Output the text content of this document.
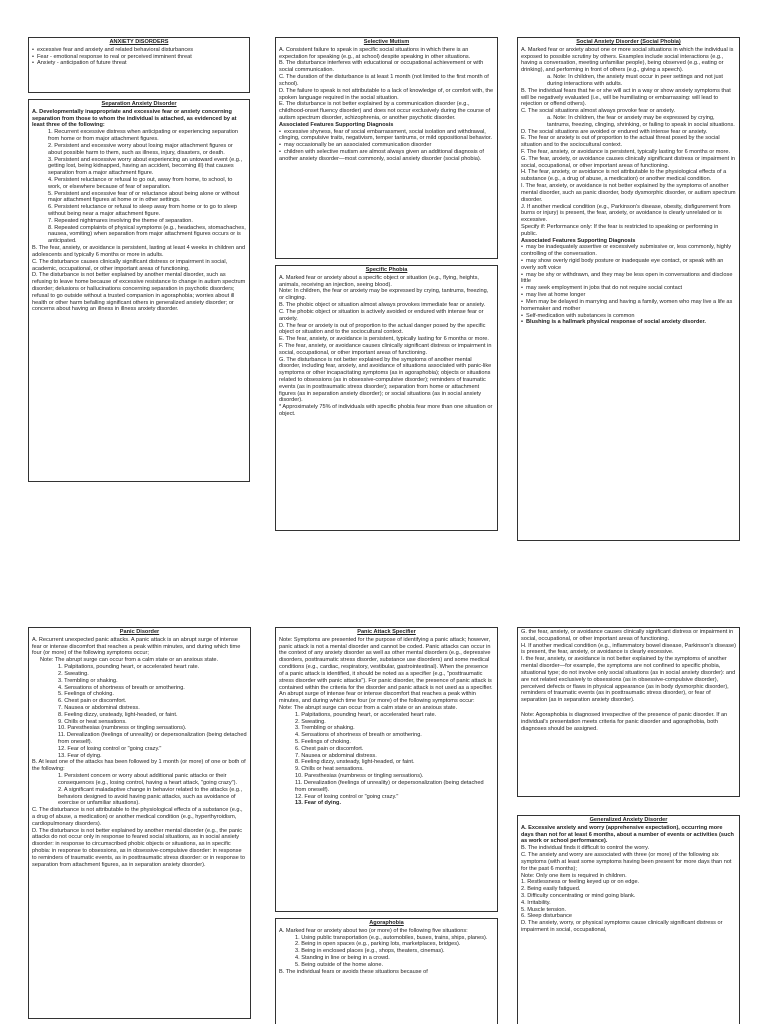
ANXIETY DISORDERS
• excessive fear and anxiety and related behavioral disturbances
• Fear - emotional response to real or perceived imminent threat
• Anxiety - anticipation of future threat
Separation Anxiety Disorder
A. Developmentally inappropriate and excessive fear or anxiety concerning separation from those to whom the individual is attached, as evidenced by at least three of the following:
1. Recurrent excessive distress when anticipating or experiencing separation from home or from major attachment figures.
2. Persistent and excessive worry about losing major attachment figures or about possible harm to them, such as illness, injury, disasters, or death.
3. Persistent and excessive worry about experiencing an untoward event (e.g., getting lost, being kidnapped, having an accident, becoming ill) that causes separation from a major attachment figure.
4. Persistent reluctance or refusal to go out, away from home, to school, to work, or elsewhere because of fear of separation.
5. Persistent and excessive fear of or reluctance about being alone or without major attachment figures at home or in other settings.
6. Persistent reluctance or refusal to sleep away from home or to go to sleep without being near a major attachment figure.
7. Repeated nightmares involving the theme of separation.
8. Repeated complaints of physical symptoms (e.g., headaches, stomachaches, nausea, vomiting) when separation from major attachment figures occurs or is anticipated.
B. The fear, anxiety, or avoidance is persistent, lasting at least 4 weeks in children and adolescents and typically 6 months or more in adults.
C. The disturbance causes clinically significant distress or impairment in social, academic, occupational, or other important areas of functioning.
D. The disturbance is not better explained by another mental disorder, such as refusing to leave home because of excessive resistance to change in autism spectrum disorder; delusions or hallucinations concerning separation in psychotic disorders; refusal to go outside without a trusted companion in agoraphobia; worries about ill health or other harm befalling significant others in generalized anxiety disorder; or concerns about having an illness in illness anxiety disorder.
Selective Mutism
A. Consistent failure to speak in specific social situations in which there is an expectation for speaking (e.g., at school) despite speaking in other situations.
B. The disturbance interferes with educational or occupational achievement or with social communication.
C. The duration of the disturbance is at least 1 month (not limited to the first month of school).
D. The failure to speak is not attributable to a lack of knowledge of, or comfort with, the spoken language required in the social situation.
E. The disturbance is not better explained by a communication disorder (e.g., childhood-onset fluency disorder) and does not occur exclusively during the course of autism spectrum disorder, schizophrenia, or another psychotic disorder.
Associated Features Supporting Diagnosis
• excessive shyness, fear of social embarrassment, social isolation and withdrawal, clinging, compulsive traits, negativism, temper tantrums, or mild oppositional behavior.
• may occasionally be an associated communication disorder
• children with selective mutism are almost always given an additional diagnosis of another anxiety disorder—most commonly, social anxiety disorder (social phobia).
Specific Phobia
A. Marked fear or anxiety about a specific object or situation (e.g., flying, heights, animals, receiving an injection, seeing blood).
Note: In children, the fear or anxiety may be expressed by crying, tantrums, freezing, or clinging.
B. The phobic object or situation almost always provokes immediate fear or anxiety.
C. The phobic object or situation is actively avoided or endured with intense fear or anxiety.
D. The fear or anxiety is out of proportion to the actual danger posed by the specific object or situation and to the sociocultural context.
E. The fear, anxiety, or avoidance is persistent, typically lasting for 6 months or more.
F. The fear, anxiety, or avoidance causes clinically significant distress or impairment in social, occupational, or other important areas of functioning.
G. The disturbance is not better explained by the symptoms of another mental disorder, including fear, anxiety, and avoidance of situations associated with panic-like symptoms or other incapacitating symptoms (as in agoraphobia); objects or situations related to obsessions (as in obsessive-compulsive disorder); reminders of traumatic events (as in posttraumatic stress disorder); separation from home or attachment figures (as in separation anxiety disorder); or social situations (as in social anxiety disorder).
* Approximately 75% of individuals with specific phobia fear more than one situation or object.
Social Anxiety Disorder (Social Phobia)
A. Marked fear or anxiety about one or more social situations in which the individual is exposed to possible scrutiny by others. Examples include social interactions (e.g., having a conversation, meeting unfamiliar people), being observed (e.g., eating or drinking), and performing in front of others (e.g., giving a speech).
a. Note: In children, the anxiety must occur in peer settings and not just during interactions with adults.
B. The individual fears that he or she will act in a way or show anxiety symptoms that will be negatively evaluated (i.e., will be humiliating or embarrassing: will lead to rejection or offend others).
C. The social situations almost always provoke fear or anxiety.
a. Note: In children, the fear or anxiety may be expressed by crying, tantrums, freezing, clinging, shrinking, or failing to speak in social situations.
D. The social situations are avoided or endured with intense fear or anxiety.
E. The fear or anxiety is out of proportion to the actual threat posed by the social situation and to the sociocultural context.
F. The fear, anxiety, or avoidance is persistent, typically lasting for 6 months or more.
G. The fear, anxiety, or avoidance causes clinically significant distress or impairment in social, occupational, or other important areas of functioning.
H. The fear, anxiety, or avoidance is not attributable to the physiological effects of a substance (e.g., a drug of abuse, a medication) or another medical condition.
I. The fear, anxiety, or avoidance is not better explained by the symptoms of another mental disorder, such as panic disorder, body dysmorphic disorder, or autism spectrum disorder.
J. If another medical condition (e.g., Parkinson's disease, obesity, disfigurement from burns or injury) is present, the fear, anxiety, or avoidance is clearly unrelated or is excessive.
Specify if: Performance only: If the fear is restricted to speaking or performing in public.
Associated Features Supporting Diagnosis
• may be inadequately assertive or excessively submissive or, less commonly, highly controlling of the conversation.
• may show overly rigid body posture or inadequate eye contact, or speak with an overly soft voice
• may be shy or withdrawn, and they may be less open in conversations and disclose little
• may seek employment in jobs that do not require social contact
• may live at home longer
• Men may be delayed in marrying and having a family, women who may live a life as homemaker and mother
• Self-medication with substances is common
• Blushing is a hallmark physical response of social anxiety disorder.
Panic Disorder
A. Recurrent unexpected panic attacks. A panic attack is an abrupt surge of intense fear or intense discomfort that reaches a peak within minutes, and during which time four (or more) of the following symptoms occur;
Note: The abrupt surge can occur from a calm state or an anxious state.
1. Palpitations, pounding heart, or accelerated heart rate.
2. Sweating.
3. Trembling or shaking.
4. Sensations of shortness of breath or smothering.
5. Feelings of choking.
6. Chest pain or discomfort.
7. Nausea or abdominal distress.
8. Feeling dizzy, unsteady, light-headed, or faint.
9. Chills or heat sensations.
10. Paresthesias (numbness or tingling sensations).
11. Derealization (feelings of unreality) or depersonalization (being detached from oneself).
12. Fear of losing control or "going crazy."
13. Fear of dying.
B. At least one of the attacks has been followed by 1 month (or more) of one or both of the following:
1. Persistent concern or worry about additional panic attacks or their consequences (e.g., losing control, having a heart attack, "going crazy").
2. A significant maladaptive change in behavior related to the attacks (e.g., behaviors designed to avoid having panic attacks, such as avoidance of exercise or unfamiliar situations).
C. The disturbance is not attributable to the physiological effects of a substance (e.g., a drug of abuse, a medication) or another medical condition (e.g., hyperthyroidism, cardiopulmonary disorders).
D. The disturbance is not better explained by another mental disorder (e.g., the panic attacks do not occur only in response to feared social situations, as in social anxiety disorder: in response to circumscribed phobic objects or situations, as in specific phobia: in response to obsessions, as in obsessive-compulsive disorder: in response to reminders of traumatic events, as in posttraumatic stress disorder: or in response to separation from attachment figures, as in separation anxiety disorder).
Panic Attack Specifier
Note: Symptoms are presented for the purpose of identifying a panic attack; however, panic attack is not a mental disorder and cannot be coded. Panic attacks can occur in the context of any anxiety disorder as well as other mental disorders (e.g., depressive disorders, posttraumatic stress disorder, substance use disorders) and some medical conditions (e.g., cardiac, respiratory, vestibular, gastrointestinal). When the presence of a panic attack is identified, it should be noted as a specifier (e.g., "posttraumatic stress disorder with panic attacks"). For panic disorder, the presence of panic attack is contained within the criteria for the disorder and panic attack is not used as a specifier.
An abrupt surge of intense fear or intense discomfort that reaches a peak within minutes, and during which time four (or more) of the following symptoms occur:
Note: The abrupt surge can occur from a calm state or an anxious state.
1. Palpitations, pounding heart, or accelerated heart rate.
2. Sweating.
3. Trembling or shaking.
4. Sensations of shortness of breath or smothering.
5. Feelings of choking.
6. Chest pain or discomfort.
7. Nausea or abdominal distress.
8. Feeling dizzy, unsteady, light-headed, or faint.
9. Chills or heat sensations.
10. Paresthesias (numbness or tingling sensations).
11. Derealization (feelings of unreality) or depersonalization (being detached from oneself).
12. Fear of losing control or "going crazy."
13. Fear of dying.
Agoraphobia
A. Marked fear or anxiety about two (or more) of the following five situations:
1. Using public transportation (e.g., automobiles, buses, trains, ships, planes).
2. Being in open spaces (e.g., parking lots, marketplaces, bridges).
3. Being in enclosed places (e.g., shops, theaters, cinemas).
4. Standing in line or being in a crowd.
5. Being outside of the home alone.
B. The individual fears or avoids these situations because of
G. the fear, anxiety, or avoidance causes clinically significant distress or impairment in social, occupational, or other important areas of functioning.
H. If another medical condition (e.g., inflammatory bowel disease, Parkinson's disease) is present, the fear, anxiety, or avoidance is clearly excessive.
I. the fear, anxiety, or avoidance is not better explained by the symptoms of another mental disorder—for example, the symptoms are not confined to specific phobia, situational type; do not involve only social situations (as in social anxiety disorder): and are not related exclusively to obsessions (as in obsessive-compulsive disorder), perceived defects or flaws in physical appearance (as in body dysmorphic disorder), reminders of traumatic events (as in posttraumatic stress disorder), or fear of separation (as in separation anxiety disorder).
Note: Agoraphobia is diagnosed irrespective of the presence of panic disorder. If an individual's presentation meets criteria for panic disorder and agoraphobia, both diagnoses should be assigned.
Generalized Anxiety Disorder
A. Excessive anxiety and worry (apprehensive expectation), occurring more days than not for at least 6 months, about a number of events or activities (such as work or school performance).
B. The individual finds it difficult to control the worry.
C. The anxiety and worry are associated with three (or more) of the following six symptoms (with at least some symptoms having been present for more days than not for the past 6 months);
Note: Only one item is required in children.
1. Restlessness or feeling keyed up or on edge.
2. Being easily fatigued.
3. Difficulty concentrating or mind going blank.
4. Irritability.
5. Muscle tension.
6. Sleep disturbance
D. The anxiety, worry, or physical symptoms cause clinically significant distress or impairment in social, occupational,
